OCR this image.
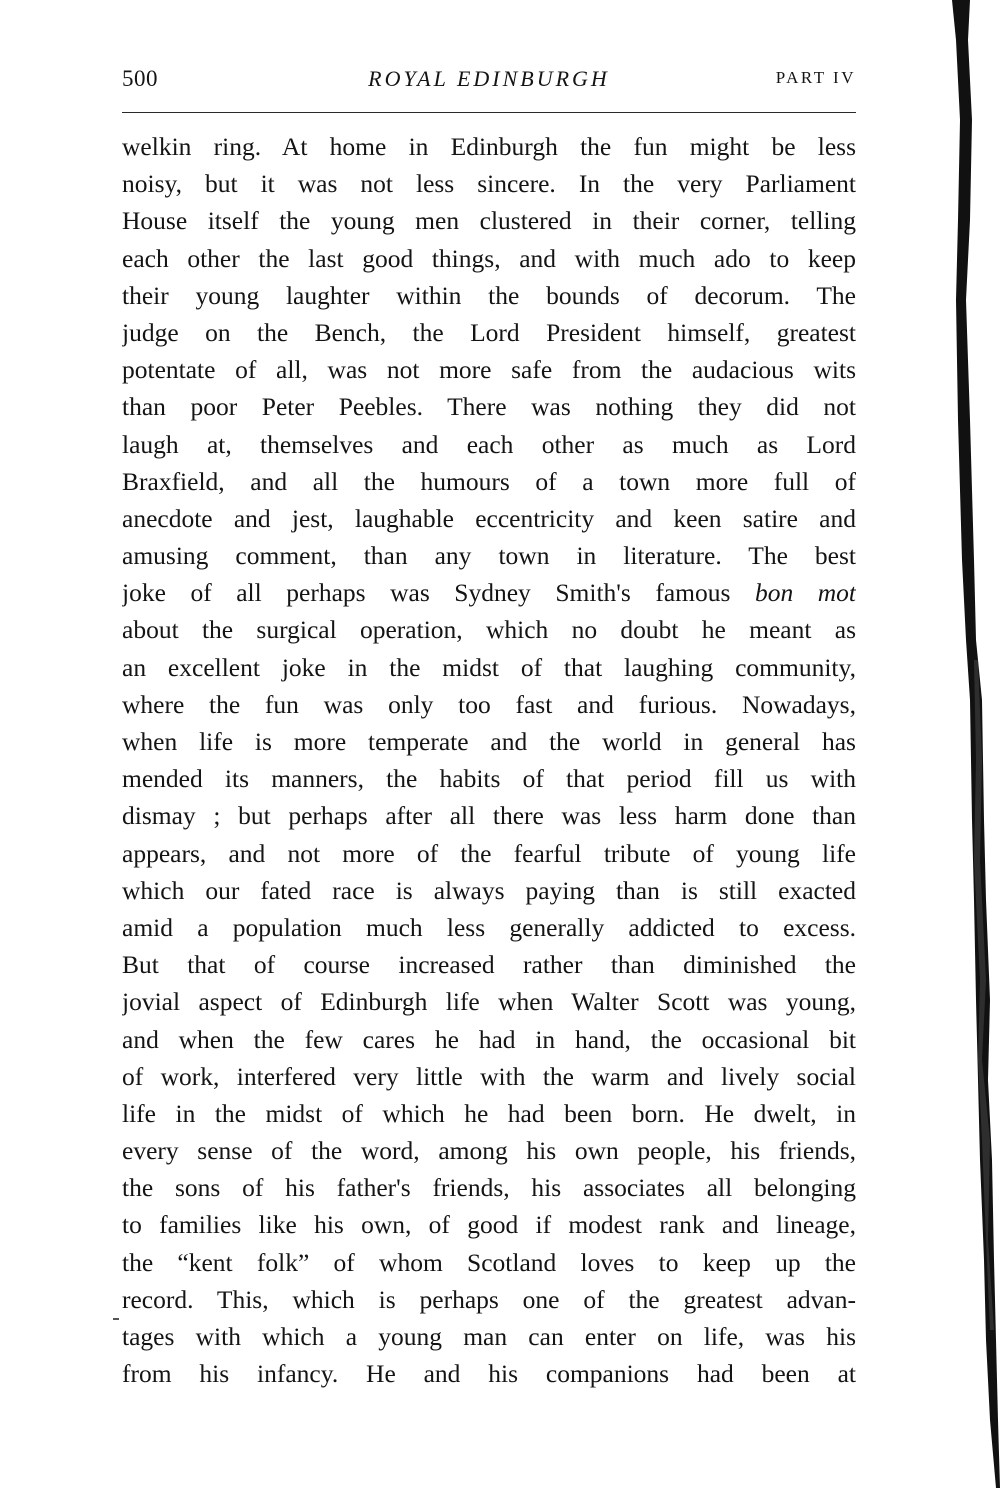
500	ROYAL EDINBURGH	PART IV
welkin ring. At home in Edinburgh the fun might be less
noisy, but it was not less sincere. In the very Parliament
House itself the young men clustered in their corner, telling
each other the last good things, and with much ado to keep
their young laughter within the bounds of decorum. The
judge on the Bench, the Lord President himself, greatest
potentate of all, was not more safe from the audacious wits
than poor Peter Peebles. There was nothing they did not
laugh at, themselves and each other as much as Lord
Braxfield, and all the humours of a town more full of
anecdote and jest, laughable eccentricity and keen satire and
amusing comment, than any town in literature. The best
joke of all perhaps was Sydney Smith's famous bon mot
about the surgical operation, which no doubt he meant as
an excellent joke in the midst of that laughing community,
where the fun was only too fast and furious. Nowadays,
when life is more temperate and the world in general has
mended its manners, the habits of that period fill us with
dismay ; but perhaps after all there was less harm done than
appears, and not more of the fearful tribute of young life
which our fated race is always paying than is still exacted
amid a population much less generally addicted to excess.
But that of course increased rather than diminished the
jovial aspect of Edinburgh life when Walter Scott was young,
and when the few cares he had in hand, the occasional bit
of work, interfered very little with the warm and lively social
life in the midst of which he had been born. He dwelt, in
every sense of the word, among his own people, his friends,
the sons of his father's friends, his associates all belonging
to families like his own, of good if modest rank and lineage,
the “kent folk” of whom Scotland loves to keep up the
record. This, which is perhaps one of the greatest advan-
tages with which a young man can enter on life, was his
from his infancy. He and his companions had been at
